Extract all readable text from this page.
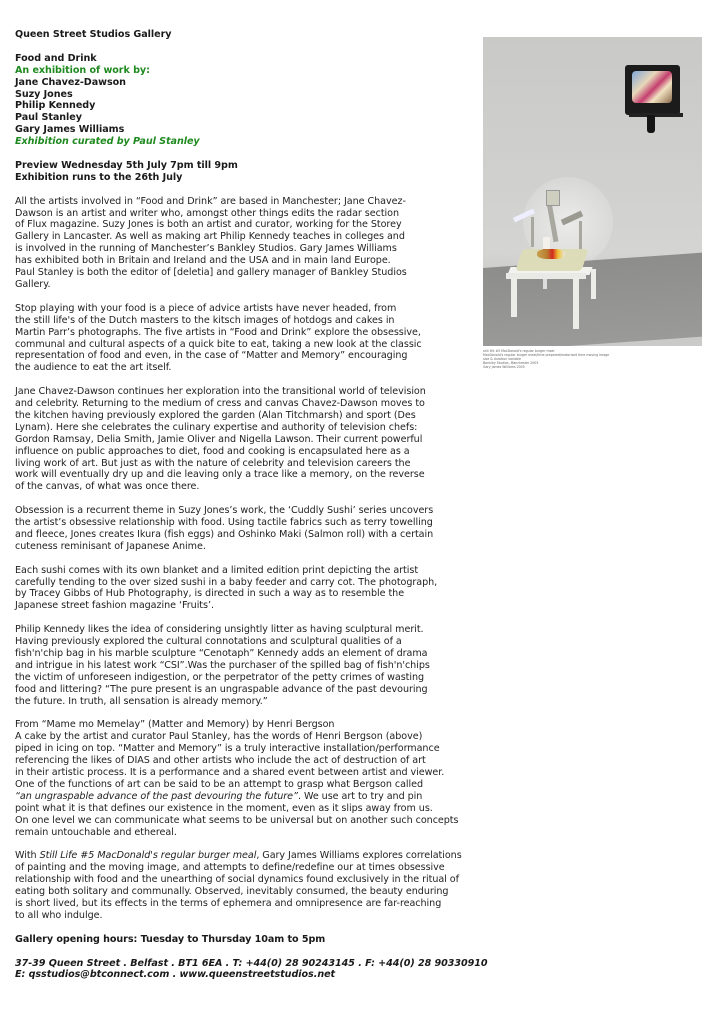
Queen Street Studios Gallery
Food and Drink
An exhibition of work by:
Jane Chavez-Dawson
Suzy Jones
Philip Kennedy
Paul Stanley
Gary James Williams
Exhibition curated by Paul Stanley
Preview Wednesday 5th July 7pm till 9pm
Exhibition runs to the 26th July
All the artists involved in “Food and Drink” are based in Manchester; Jane Chavez-
Dawson is an artist and writer who, amongst other things edits the radar section
of Flux magazine. Suzy Jones is both an artist and curator, working for the Storey
Gallery in Lancaster. As well as making art Philip Kennedy teaches in colleges and
is involved in the running of Manchester’s Bankley Studios. Gary James Williams
has exhibited both in Britain and Ireland and the USA and in main land Europe.
Paul Stanley is both the editor of [deletia] and gallery manager of Bankley Studios
Gallery.
Stop playing with your food is a piece of advice artists have never headed, from
the still life's of the Dutch masters to the kitsch images of hotdogs and cakes in
Martin Parr’s photographs. The five artists in “Food and Drink” explore the obsessive,
communal and cultural aspects of a quick bite to eat, taking a new look at the classic
representation of food and even, in the case of “Matter and Memory” encouraging
the audience to eat the art itself.
Jane Chavez-Dawson continues her exploration into the transitional world of television
and celebrity. Returning to the medium of cress and canvas Chavez-Dawson moves to
the kitchen having previously explored the garden (Alan Titchmarsh) and sport (Des
Lynam). Here she celebrates the culinary expertise and authority of television chefs:
Gordon Ramsay, Delia Smith, Jamie Oliver and Nigella Lawson. Their current powerful
influence on public approaches to diet, food and cooking is encapsulated here as a
living work of art. But just as with the nature of celebrity and television careers the
work will eventually dry up and die leaving only a trace like a memory, on the reverse
of the canvas, of what was once there.
Obsession is a recurrent theme in Suzy Jones’s work, the ‘Cuddly Sushi’ series uncovers
the artist’s obsessive relationship with food. Using tactile fabrics such as terry towelling
and fleece, Jones creates Ikura (fish eggs) and Oshinko Maki (Salmon roll) with a certain
cuteness reminisant of Japanese Anime.
Each sushi comes with its own blanket and a limited edition print depicting the artist
carefully tending to the over sized sushi in a baby feeder and carry cot. The photograph,
by Tracey Gibbs of Hub Photography, is directed in such a way as to resemble the
Japanese street fashion magazine ‘Fruits’.
Philip Kennedy likes the idea of considering unsightly litter as having sculptural merit.
Having previously explored the cultural connotations and sculptural qualities of a
fish'n'chip bag in his marble sculpture “Cenotaph” Kennedy adds an element of drama
and intrigue in his latest work “CSI”.Was the purchaser of the spilled bag of fish'n'chips
the victim of unforeseen indigestion, or the perpetrator of the petty crimes of wasting
food and littering? “The pure present is an ungraspable advance of the past devouring
the future. In truth, all sensation is already memory.”
From “Mame mo Memelay” (Matter and Memory) by Henri Bergson
A cake by the artist and curator Paul Stanley, has the words of Henri Bergson (above)
piped in icing on top. “Matter and Memory” is a truly interactive installation/performance
referencing the likes of DIAS and other artists who include the act of destruction of art
in their artistic process. It is a performance and a shared event between artist and viewer.
One of the functions of art can be said to be an attempt to grasp what Bergson called
“an ungraspable advance of the past devouring the future”. We use art to try and pin
point what it is that defines our existence in the moment, even as it slips away from us.
On one level we can communicate what seems to be universal but on another such concepts
remain untouchable and ethereal.
With Still Life #5 MacDonald's regular burger meal, Gary James Williams explores correlations
of painting and the moving image, and attempts to define/redefine our at times obsessive
relationship with food and the unearthing of social dynamics found exclusively in the ritual of
eating both solitary and communally. Observed, inevitably consumed, the beauty enduring
is short lived, but its effects in the terms of ephemera and omnipresence are far-reaching
to all who indulge.
Gallery opening hours: Tuesday to Thursday 10am to 5pm
37-39 Queen Street . Belfast . BT1 6EA . T: +44(0) 28 90243145 . F: +44(0) 28 90330910
E: qsstudios@btconnect.com . www.queenstreetstudios.net
still life #5 MacDonald's regular burger meal
MacDonald's regular burger meal/time prepared/motorised time moving image
size & duration variable
Bankley Studios, Manchester 2005
Gary James Williams 2005
